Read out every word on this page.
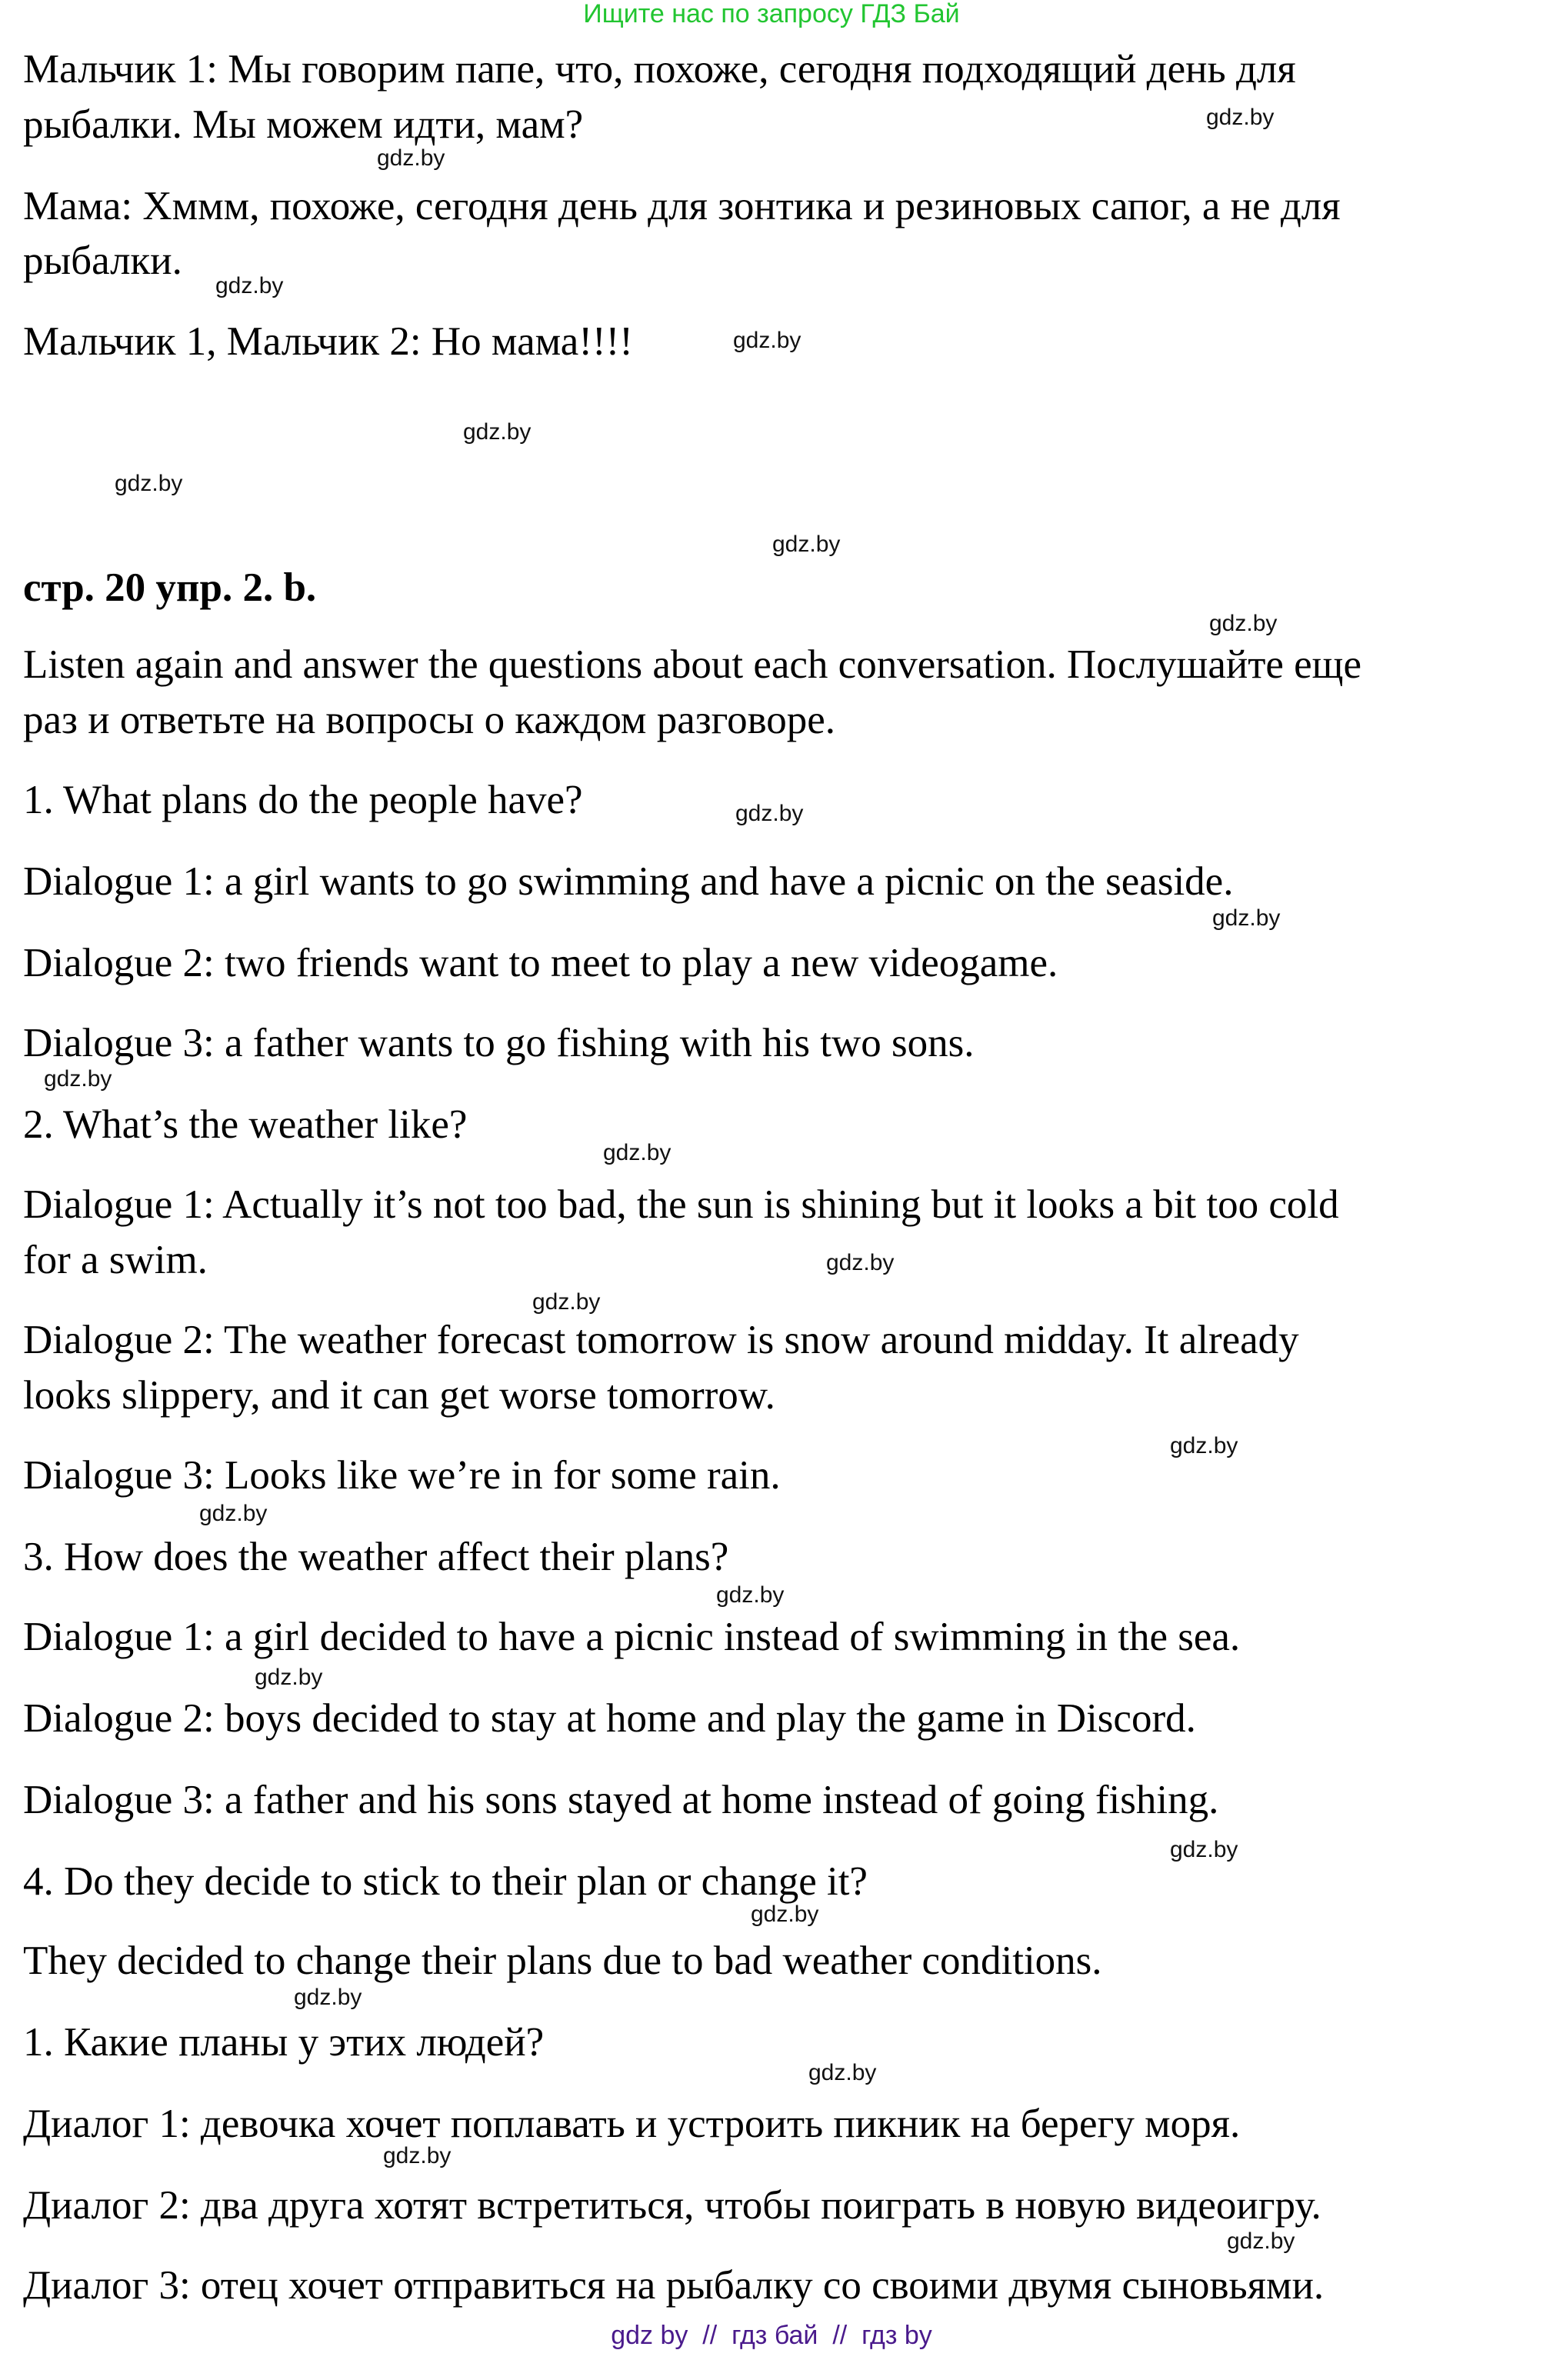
Ищите нас по запросу ГДЗ Бай
Мальчик 1: Мы говорим папе, что, похоже, сегодня подходящий день для
рыбалки. Мы можем идти, мам?
Мама: Хммм, похоже, сегодня день для зонтика и резиновых сапог, а не для
рыбалки.
Мальчик 1, Мальчик 2: Но мама!!!!
стр. 20 упр. 2. b.
Listen again and answer the questions about each conversation. Послушайте еще
раз и ответьте на вопросы о каждом разговоре.
1. What plans do the people have?
Dialogue 1: a girl wants to go swimming and have a picnic on the seaside.
Dialogue 2: two friends want to meet to play a new videogame.
Dialogue 3: a father wants to go fishing with his two sons.
2. What’s the weather like?
Dialogue 1: Actually it’s not too bad, the sun is shining but it looks a bit too cold
for a swim.
Dialogue 2: The weather forecast tomorrow is snow around midday. It already
looks slippery, and it can get worse tomorrow.
Dialogue 3: Looks like we’re in for some rain.
3. How does the weather affect their plans?
Dialogue 1: a girl decided to have a picnic instead of swimming in the sea.
Dialogue 2: boys decided to stay at home and play the game in Discord.
Dialogue 3: a father and his sons stayed at home instead of going fishing.
4. Do they decide to stick to their plan or change it?
They decided to change their plans due to bad weather conditions.
1. Какие планы у этих людей?
Диалог 1: девочка хочет поплавать и устроить пикник на берегу моря.
Диалог 2: два друга хотят встретиться, чтобы поиграть в новую видеоигру.
Диалог 3: отец хочет отправиться на рыбалку со своими двумя сыновьями.
gdz.by
gdz.by
gdz.by
gdz.by
gdz.by
gdz.by
gdz.by
gdz.by
gdz.by
gdz.by
gdz.by
gdz.by
gdz.by
gdz.by
gdz.by
gdz.by
gdz.by
gdz.by
gdz.by
gdz.by
gdz.by
gdz.by
gdz.by
gdz.by
gdz by  //  гдз бай  //  гдз by
